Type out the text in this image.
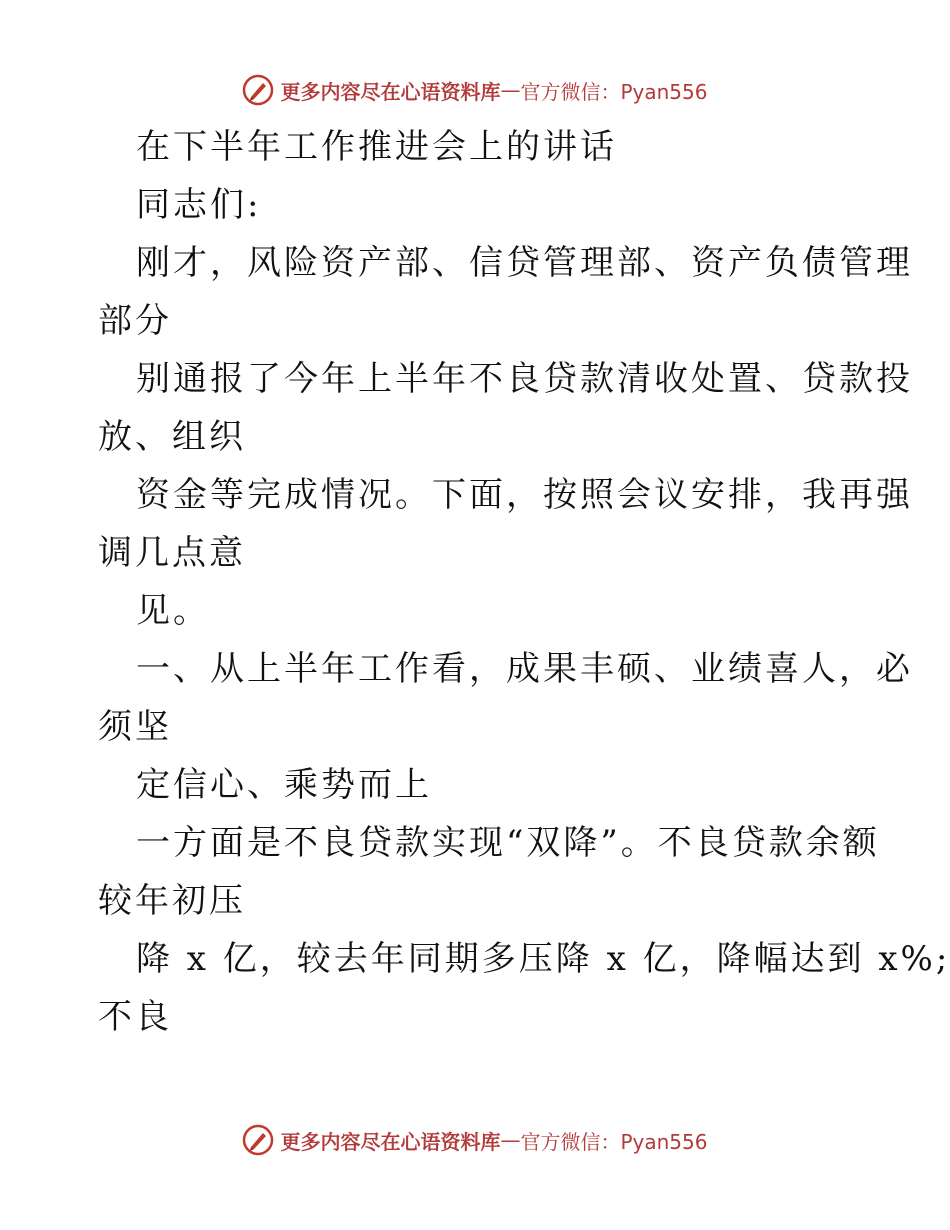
更多内容尽在心语资料库 — 官方微信：Pyan556
在下半年工作推进会上的讲话
同志们:
刚才，风险资产部、信贷管理部、资产负债管理
部分
别通报了今年上半年不良贷款清收处置、贷款投
放、组织
资金等完成情况。下面，按照会议安排，我再强
调几点意
见。
一、从上半年工作看，成果丰硕、业绩喜人，必
须坚
定信心、乘势而上
一方面是不良贷款实现“双降”。不良贷款余额
较年初压
降 x 亿，较去年同期多压降 x 亿，降幅达到 x%;
不良
更多内容尽在心语资料库 — 官方微信：Pyan556
